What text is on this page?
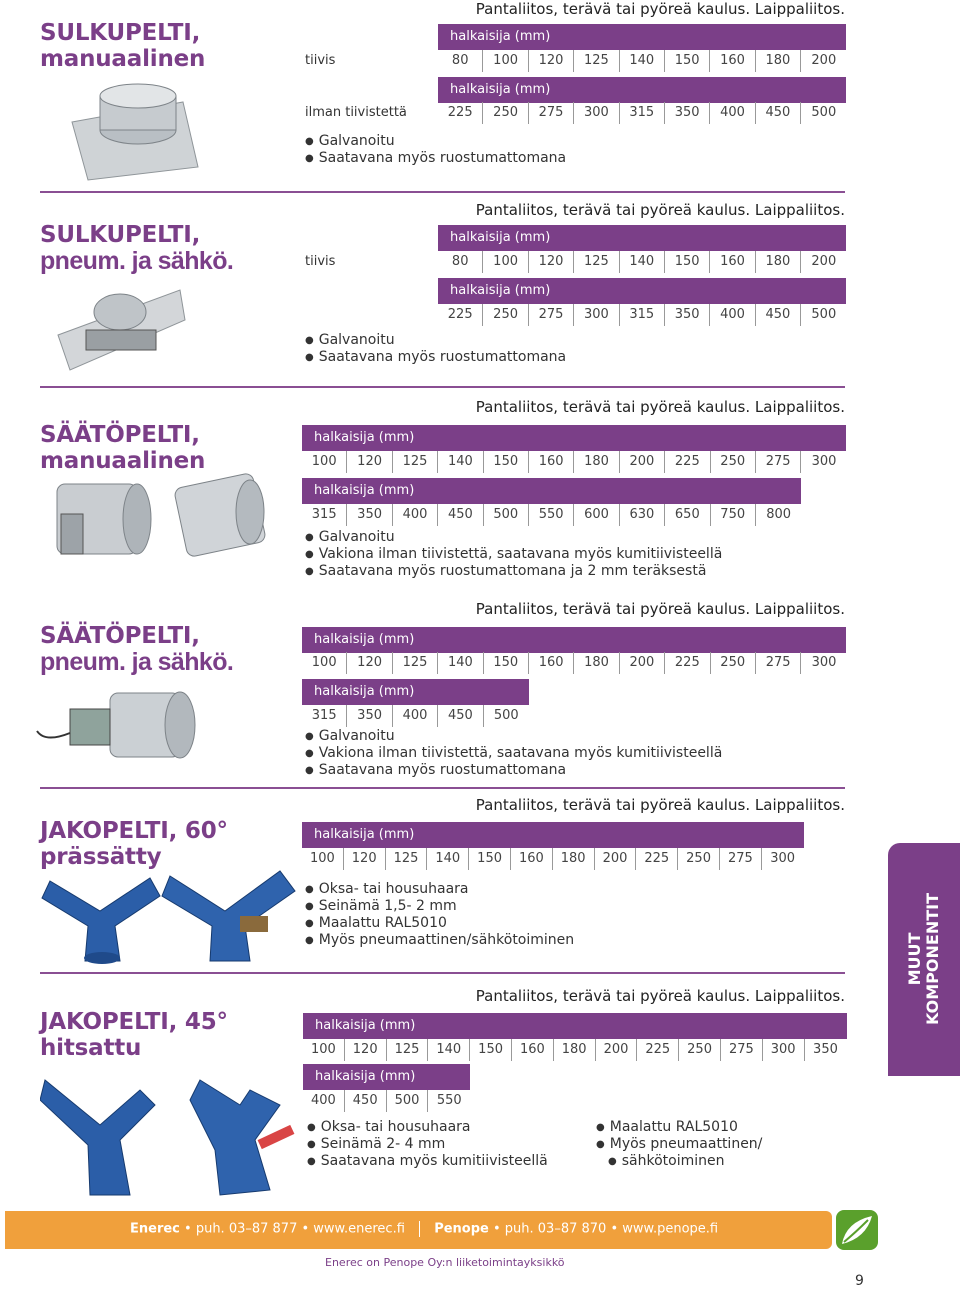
SULKUPELTI,
manuaalinen
Pantaliitos, terävä tai pyöreä kaulus. Laippaliitos.
halkaisija (mm)
tiivis	80	100	120	125	140	150	160	180	200
halkaisija (mm)
ilman tiivistettä	225	250	275	300	315	350	400	450	500
● Galvanoitu
● Saatavana myös ruostumattomana
SULKUPELTI,
pneum. ja sähkö.
Pantaliitos, terävä tai pyöreä kaulus. Laippaliitos.
halkaisija (mm)
tiivis	80	100	120	125	140	150	160	180	200
halkaisija (mm)
225	250	275	300	315	350	400	450	500
● Galvanoitu
● Saatavana myös ruostumattomana
SÄÄTÖPELTI,
manuaalinen
Pantaliitos, terävä tai pyöreä kaulus. Laippaliitos.
halkaisija (mm)
100	120	125	140	150	160	180	200	225	250	275	300
halkaisija (mm)
315	350	400	450	500	550	600	630	650	750	800
● Galvanoitu
● Vakiona ilman tiivistettä, saatavana myös kumitiivisteellä
● Saatavana myös ruostumattomana ja 2 mm teräksestä
SÄÄTÖPELTI,
pneum. ja sähkö.
Pantaliitos, terävä tai pyöreä kaulus. Laippaliitos.
halkaisija (mm)
100	120	125	140	150	160	180	200	225	250	275	300
halkaisija (mm)
315	350	400	450	500
● Galvanoitu
● Vakiona ilman tiivistettä, saatavana myös kumitiivisteellä
● Saatavana myös ruostumattomana
JAKOPELTI, 60°
prässätty
Pantaliitos, terävä tai pyöreä kaulus. Laippaliitos.
halkaisija (mm)
100	120	125	140	150	160	180	200	225	250	275	300
● Oksa- tai housuhaara
● Seinämä 1,5- 2 mm
● Maalattu RAL5010
● Myös pneumaattinen/sähkötoiminen
JAKOPELTI, 45°
hitsattu
Pantaliitos, terävä tai pyöreä kaulus. Laippaliitos.
halkaisija (mm)
100	120	125	140	150	160	180	200	225	250	275	300	350
halkaisija (mm)
400	450	500	550
● Oksa- tai housuhaara
● Seinämä 2- 4 mm
● Saatavana myös kumitiivisteellä
● Maalattu RAL5010
● Myös pneumaattinen/
● sähkötoiminen
MUUT KOMPONENTIT
Enerec • puh. 03–87 877 • www.enerec.fi Penope • puh. 03–87 870 • www.penope.fi
Enerec on Penope Oy:n liiketoimintayksikkö
9
